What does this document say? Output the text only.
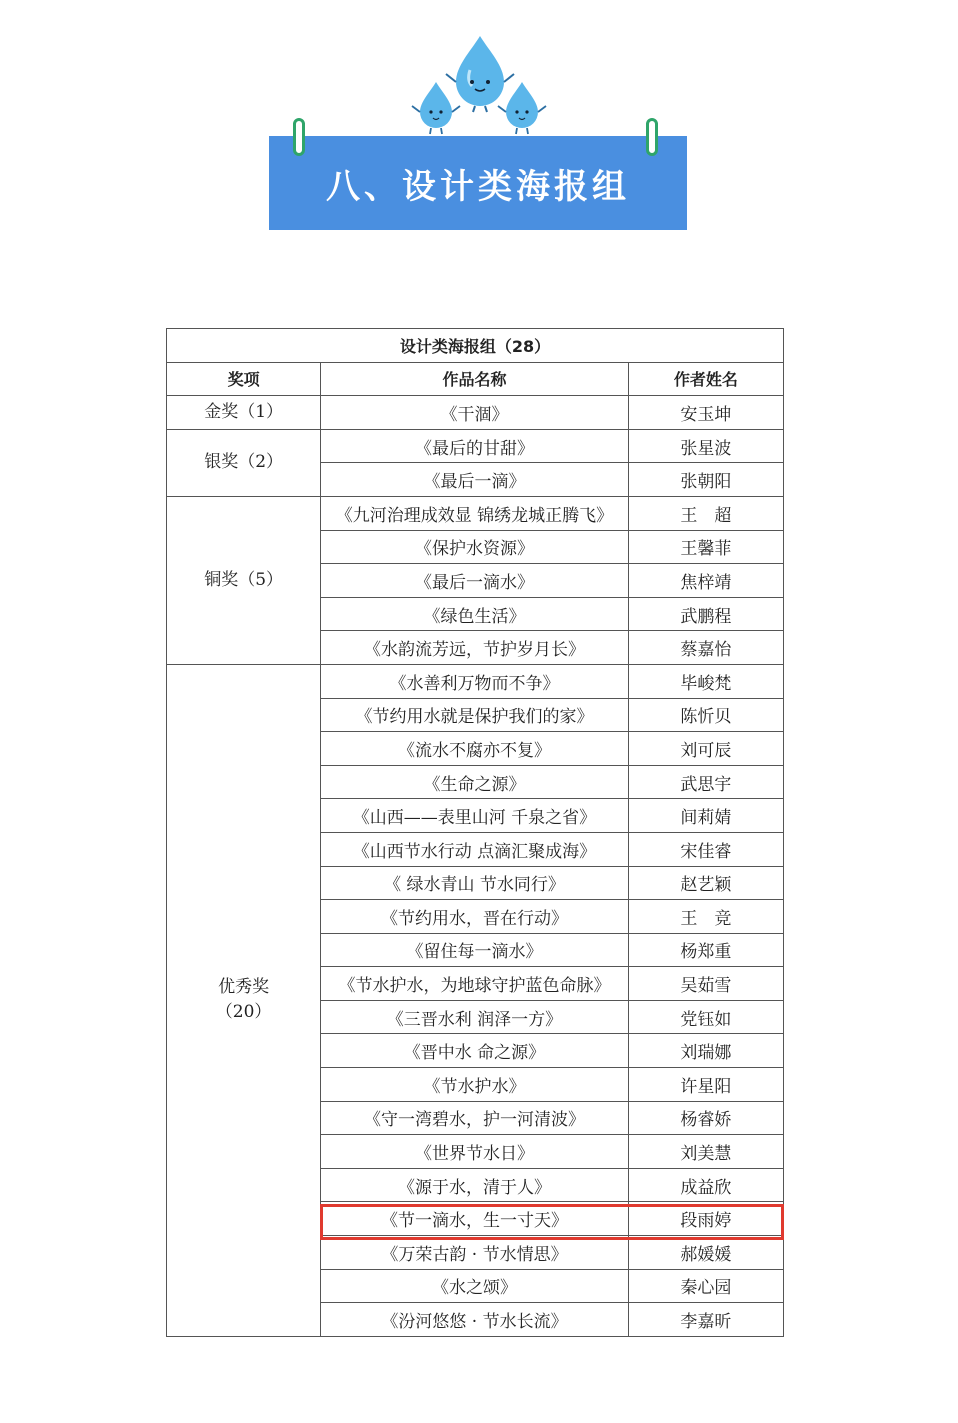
八、设计类海报组
设计类海报组（28）		
奖项	作品名称	作者姓名

金奖（1）	《干涸》	安玉坤

银奖（2）	《最后的甘甜》	张星波
	《最后一滴》	张朝阳

铜奖（5）	《九河治理成效显 锦绣龙城正腾飞》	王　超
	《保护水资源》	王馨菲
	《最后一滴水》	焦梓靖
	《绿色生活》	武鹏程
	《水韵流芳远，节护岁月长》	蔡嘉怡

优秀奖
（20）	《水善利万物而不争》	毕峻梵
	《节约用水就是保护我们的家》	陈忻贝
	《流水不腐亦不复》	刘可辰
	《生命之源》	武思宇
	《山西——表里山河 千泉之省》	间莉婧
	《山西节水行动 点滴汇聚成海》	宋佳睿
	《 绿水青山 节水同行》	赵艺颖
	《节约用水，晋在行动》	王　竞
	《留住每一滴水》	杨郑重
	《节水护水，为地球守护蓝色命脉》	吴茹雪
	《三晋水利 润泽一方》	党钰如
	《晋中水 命之源》	刘瑞娜
	《节水护水》	许星阳
	《守一湾碧水，护一河清波》	杨睿娇
	《世界节水日》	刘美慧
	《源于水，清于人》	成益欣
	《节一滴水，生一寸天》	段雨婷
	《万荣古韵 · 节水情思》	郝媛媛
	《水之颂》	秦心园
	《汾河悠悠 · 节水长流》	李嘉昕
